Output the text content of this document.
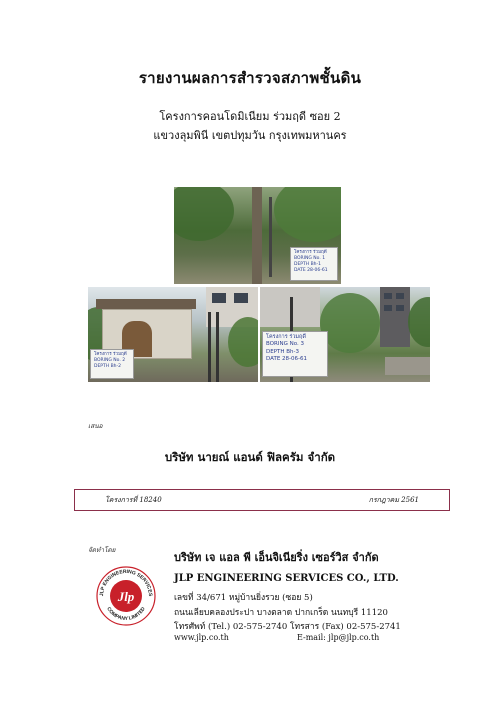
รายงานผลการสำรวจสภาพชั้นดิน
โครงการคอนโดมิเนียม ร่วมฤดี ซอย 2
แขวงลุมพินี เขตปทุมวัน กรุงเทพมหานคร
โครงการ ร่วมฤดี
BORING No. 1
DEPTH Bh-1
DATE 28-06-61
โครงการ ร่วมฤดี
BORING No. 2
DEPTH Bh-2
โครงการ ร่วมฤดี
BORING No. 3
DEPTH Bh-3
DATE 28-06-61
เสนอ
บริษัท นายณ์ แอนด์ ฟิลครัม จำกัด
โครงการที่ 18240	กรกฎาคม 2561
จัดทำโดย
JLP ENGINEERING SERVICES
COMPANY LIMITED
Jlp
บริษัท เจ แอล พี เอ็นจิเนียริ่ง เซอร์วิส จำกัด
JLP ENGINEERING SERVICES CO., LTD.
เลขที่ 34/671 หมู่บ้านยิ่งรวย (ซอย 5)
ถนนเลียบคลองประปา บางตลาด ปากเกร็ด นนทบุรี 11120
โทรศัพท์ (Tel.) 02-575-2740 โทรสาร (Fax) 02-575-2741
www.jlp.co.th	E-mail: jlp@jlp.co.th
